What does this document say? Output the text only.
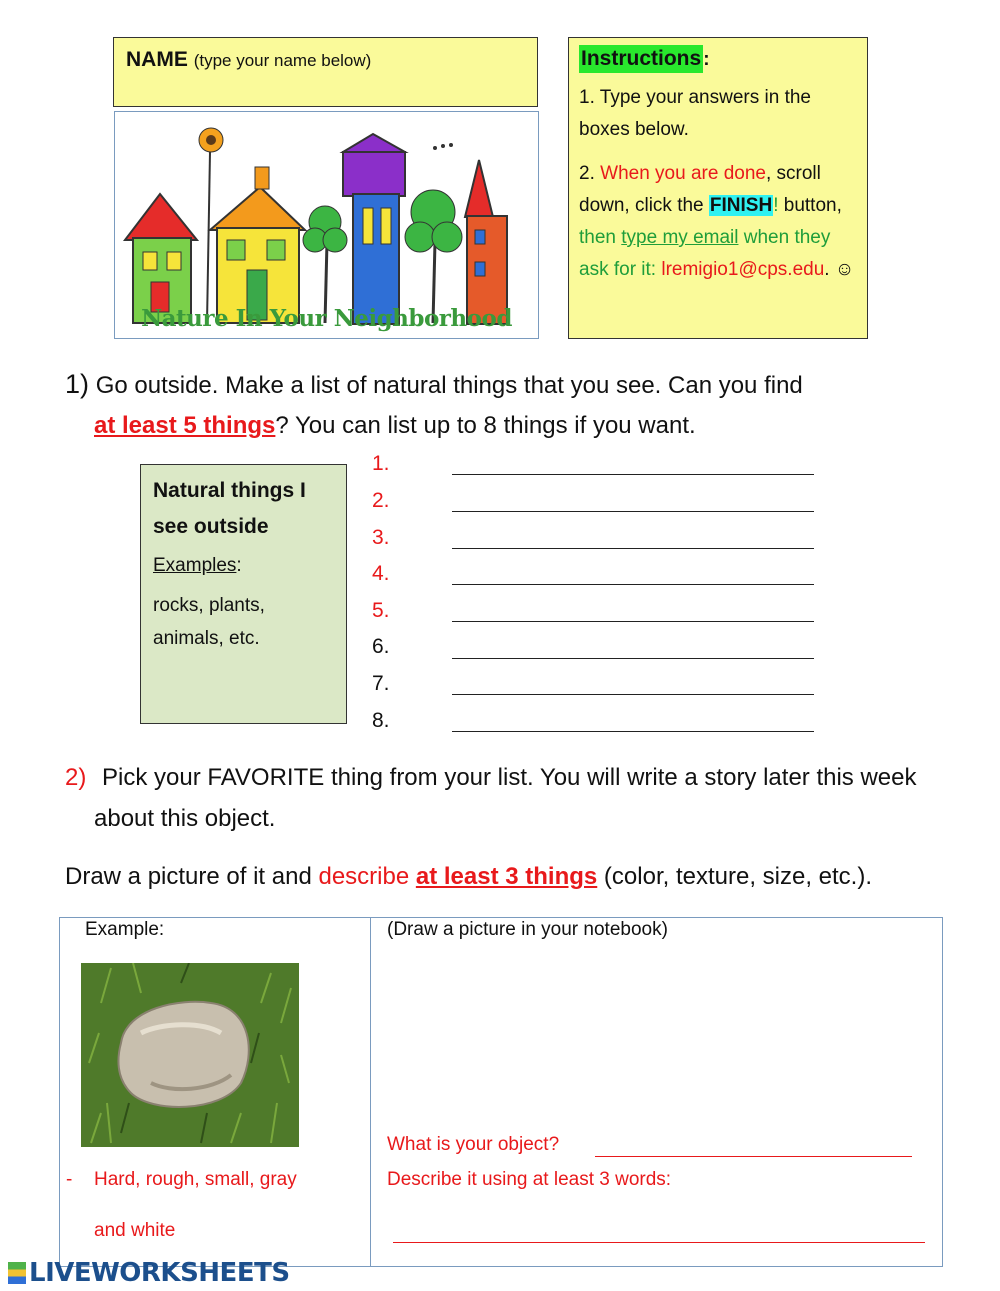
NAME (type your name below)
Nature In Your Neighborhood
Instructions :
1. Type your answers in the boxes below.
2. When you are done, scroll down, click the FINISH! button, then type my email when they ask for it: lremigio1@cps.edu. ☺
1) Go outside. Make a list of natural things that you see. Can you find
at least 5 things? You can list up to 8 things if you want.
Natural things I see outside
Examples:
rocks, plants, animals, etc.
1.
2.
3.
4.
5.
6.
7.
8.
2) Pick your FAVORITE thing from your list. You will write a story later this week about this object.
Draw a picture of it and describe at least 3 things (color, texture, size, etc.).
Example:
- Hard, rough, small, gray
and white
(Draw a picture in your notebook)
What is your object?
Describe it using at least 3 words:
LIVEWORKSHEETS
